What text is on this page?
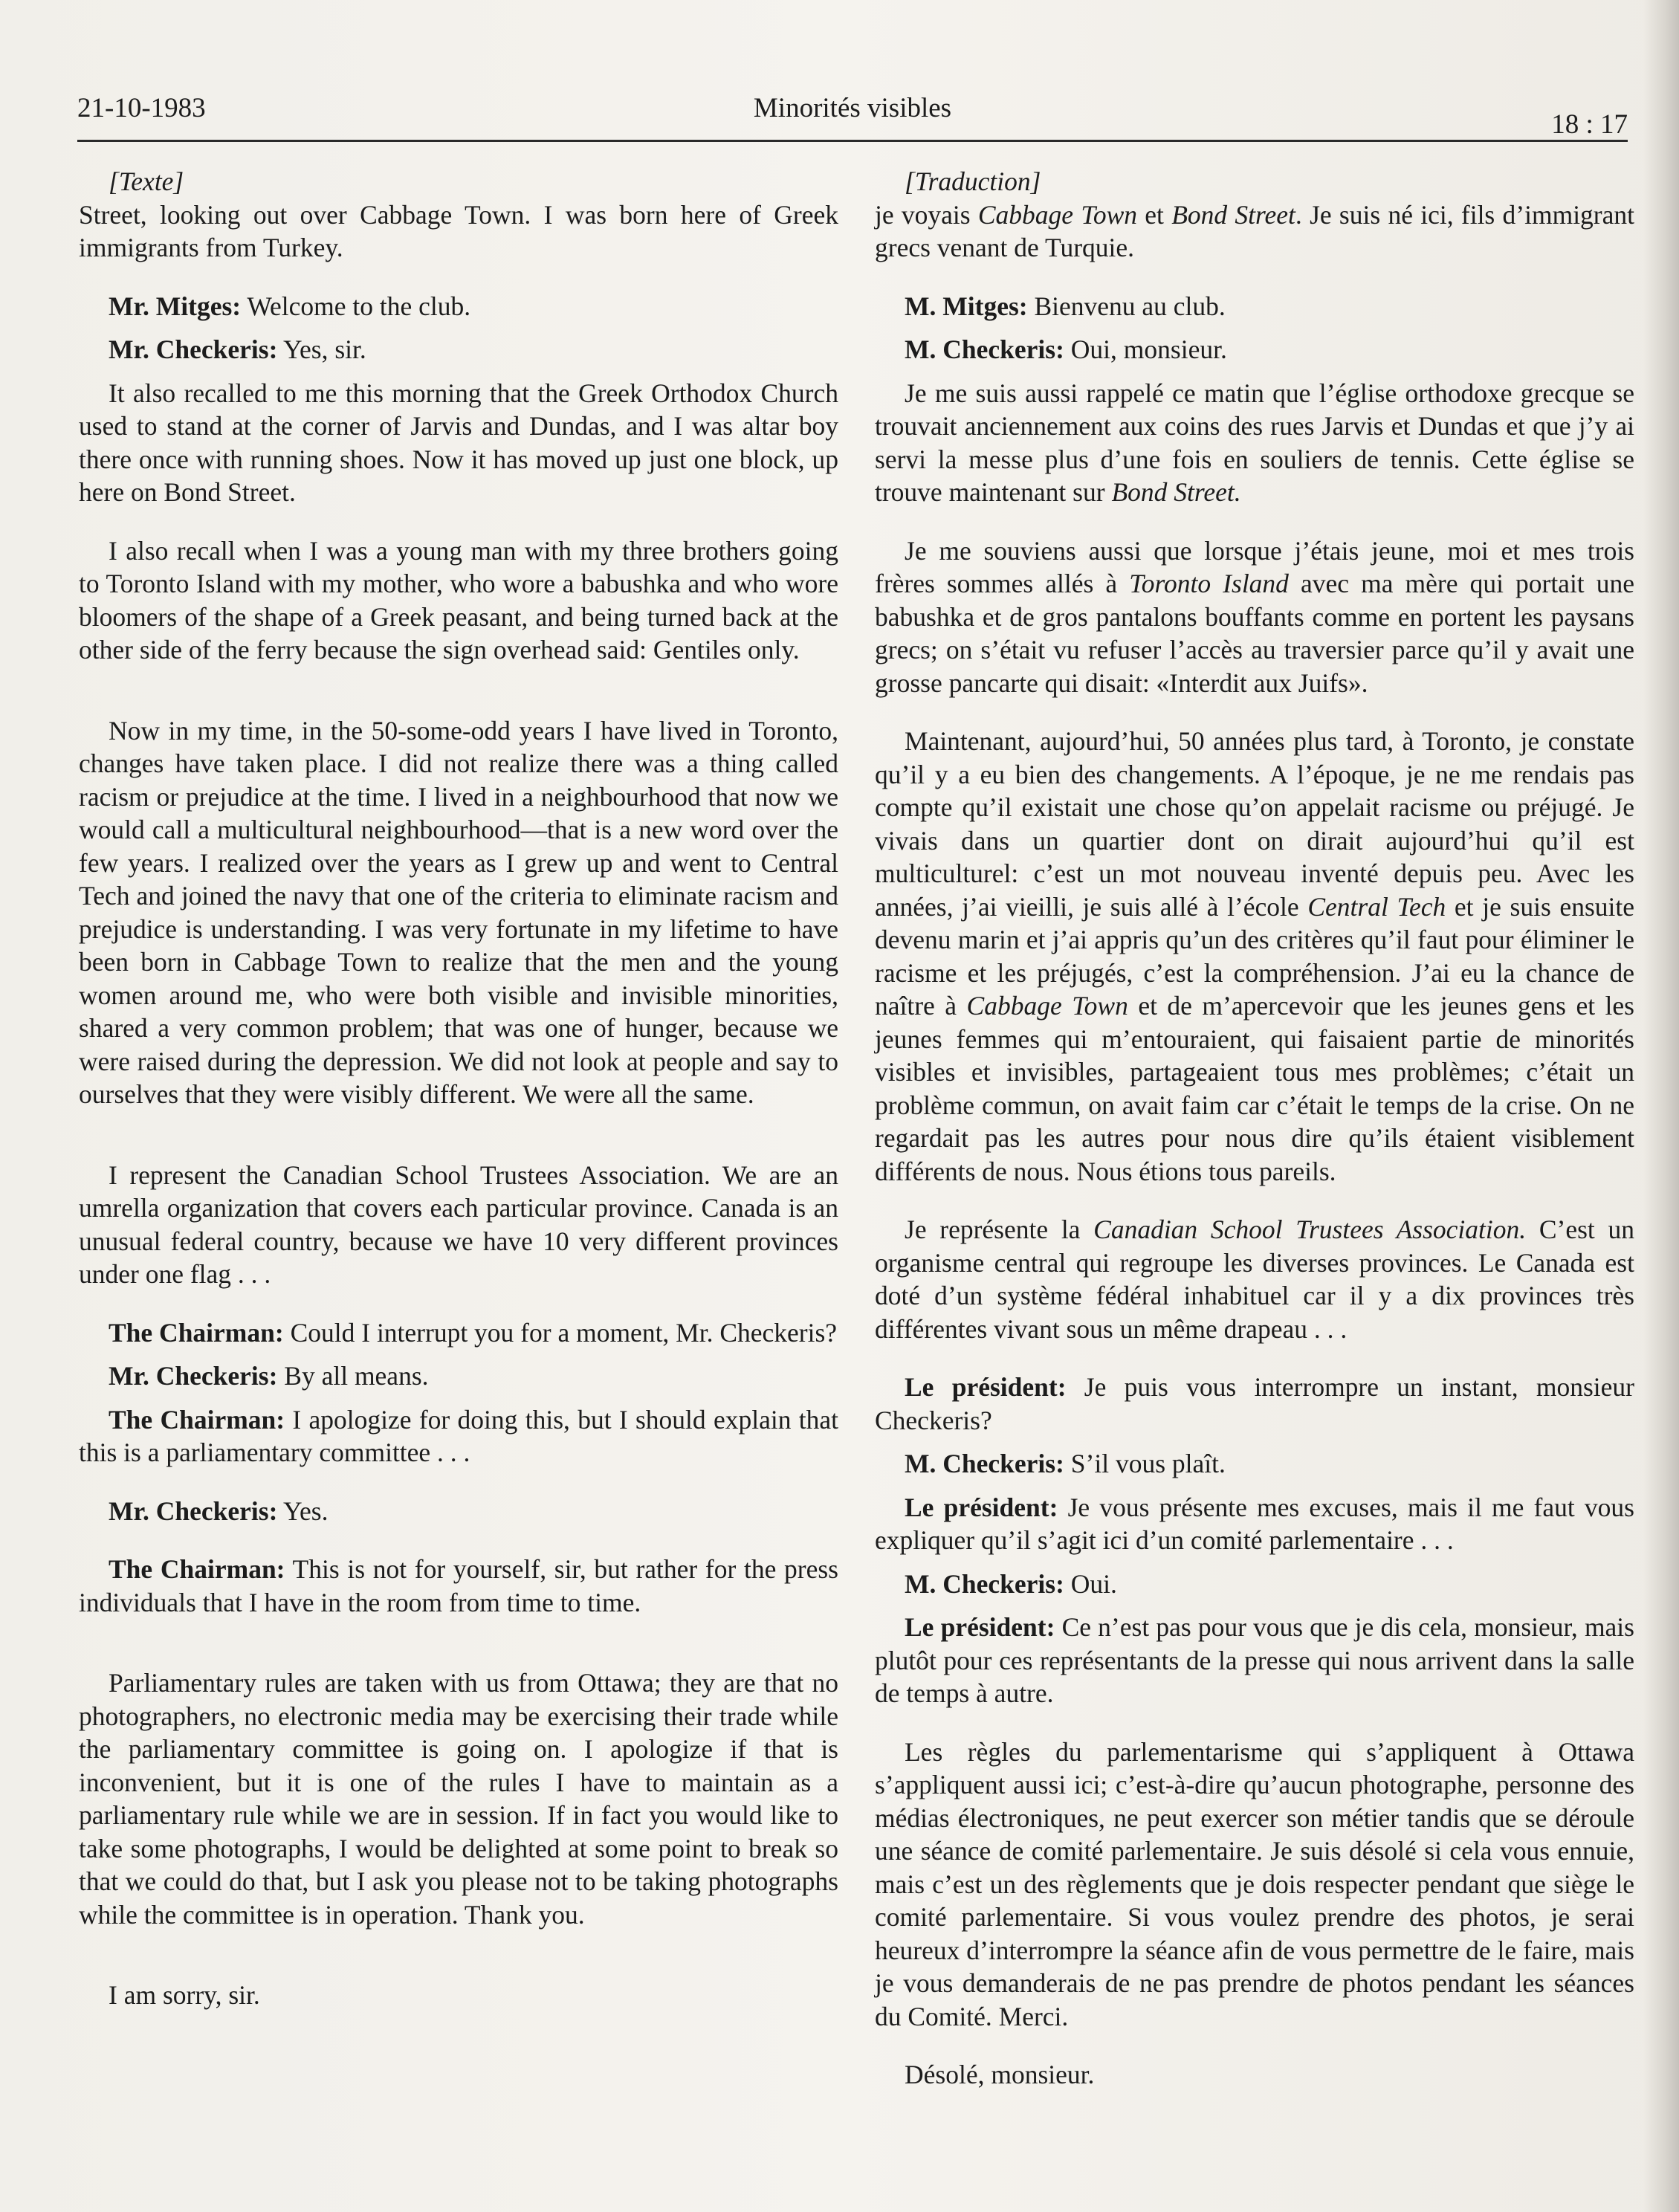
21-10-1983	Minorités visibles
18 : 17
[Texte]

Street, looking out over Cabbage Town. I was born here of Greek immigrants from Turkey.

Mr. Mitges: Welcome to the club.

Mr. Checkeris: Yes, sir.

It also recalled to me this morning that the Greek Orthodox Church used to stand at the corner of Jarvis and Dundas, and I was altar boy there once with running shoes. Now it has moved up just one block, up here on Bond Street.

I also recall when I was a young man with my three brothers going to Toronto Island with my mother, who wore a babushka and who wore bloomers of the shape of a Greek peasant, and being turned back at the other side of the ferry because the sign overhead said: Gentiles only.

Now in my time, in the 50-some-odd years I have lived in Toronto, changes have taken place. I did not realize there was a thing called racism or prejudice at the time. I lived in a neighbourhood that now we would call a multicultural neighbourhood—that is a new word over the few years. I realized over the years as I grew up and went to Central Tech and joined the navy that one of the criteria to eliminate racism and prejudice is understanding. I was very fortunate in my lifetime to have been born in Cabbage Town to realize that the men and the young women around me, who were both visible and invisible minorities, shared a very common problem; that was one of hunger, because we were raised during the depression. We did not look at people and say to ourselves that they were visibly different. We were all the same.

I represent the Canadian School Trustees Association. We are an umrella organization that covers each particular province. Canada is an unusual federal country, because we have 10 very different provinces under one flag . . .

The Chairman: Could I interrupt you for a moment, Mr. Checkeris?

Mr. Checkeris: By all means.

The Chairman: I apologize for doing this, but I should explain that this is a parliamentary committee . . .

Mr. Checkeris: Yes.

The Chairman: This is not for yourself, sir, but rather for the press individuals that I have in the room from time to time.

Parliamentary rules are taken with us from Ottawa; they are that no photographers, no electronic media may be exercising their trade while the parliamentary committee is going on. I apologize if that is inconvenient, but it is one of the rules I have to maintain as a parliamentary rule while we are in session. If in fact you would like to take some photographs, I would be delighted at some point to break so that we could do that, but I ask you please not to be taking photographs while the committee is in operation. Thank you.

I am sorry, sir.

[Traduction]

je voyais Cabbage Town et Bond Street. Je suis né ici, fils d’immigrant grecs venant de Turquie.

M. Mitges: Bienvenu au club.

M. Checkeris: Oui, monsieur.

Je me suis aussi rappelé ce matin que l’église orthodoxe grecque se trouvait anciennement aux coins des rues Jarvis et Dundas et que j’y ai servi la messe plus d’une fois en souliers de tennis. Cette église se trouve maintenant sur Bond Street.

Je me souviens aussi que lorsque j’étais jeune, moi et mes trois frères sommes allés à Toronto Island avec ma mère qui portait une babushka et de gros pantalons bouffants comme en portent les paysans grecs; on s’était vu refuser l’accès au traversier parce qu’il y avait une grosse pancarte qui disait: «Interdit aux Juifs».

Maintenant, aujourd’hui, 50 années plus tard, à Toronto, je constate qu’il y a eu bien des changements. A l’époque, je ne me rendais pas compte qu’il existait une chose qu’on appelait racisme ou préjugé. Je vivais dans un quartier dont on dirait aujourd’hui qu’il est multiculturel: c’est un mot nouveau inventé depuis peu. Avec les années, j’ai vieilli, je suis allé à l’école Central Tech et je suis ensuite devenu marin et j’ai appris qu’un des critères qu’il faut pour éliminer le racisme et les préjugés, c’est la compréhension. J’ai eu la chance de naître à Cabbage Town et de m’apercevoir que les jeunes gens et les jeunes femmes qui m’entouraient, qui faisaient partie de minorités visibles et invisibles, partageaient tous mes problèmes; c’était un problème commun, on avait faim car c’était le temps de la crise. On ne regardait pas les autres pour nous dire qu’ils étaient visiblement différents de nous. Nous étions tous pareils.

Je représente la Canadian School Trustees Association. C’est un organisme central qui regroupe les diverses provinces. Le Canada est doté d’un système fédéral inhabituel car il y a dix provinces très différentes vivant sous un même drapeau . . .

Le président: Je puis vous interrompre un instant, monsieur Checkeris?

M. Checkeris: S’il vous plaît.

Le président: Je vous présente mes excuses, mais il me faut vous expliquer qu’il s’agit ici d’un comité parlementaire . . .

M. Checkeris: Oui.

Le président: Ce n’est pas pour vous que je dis cela, monsieur, mais plutôt pour ces représentants de la presse qui nous arrivent dans la salle de temps à autre.

Les règles du parlementarisme qui s’appliquent à Ottawa s’appliquent aussi ici; c’est-à-dire qu’aucun photographe, personne des médias électroniques, ne peut exercer son métier tandis que se déroule une séance de comité parlementaire. Je suis désolé si cela vous ennuie, mais c’est un des règlements que je dois respecter pendant que siège le comité parlementaire. Si vous voulez prendre des photos, je serai heureux d’interrompre la séance afin de vous permettre de le faire, mais je vous demanderais de ne pas prendre de photos pendant les séances du Comité. Merci.

Désolé, monsieur.
